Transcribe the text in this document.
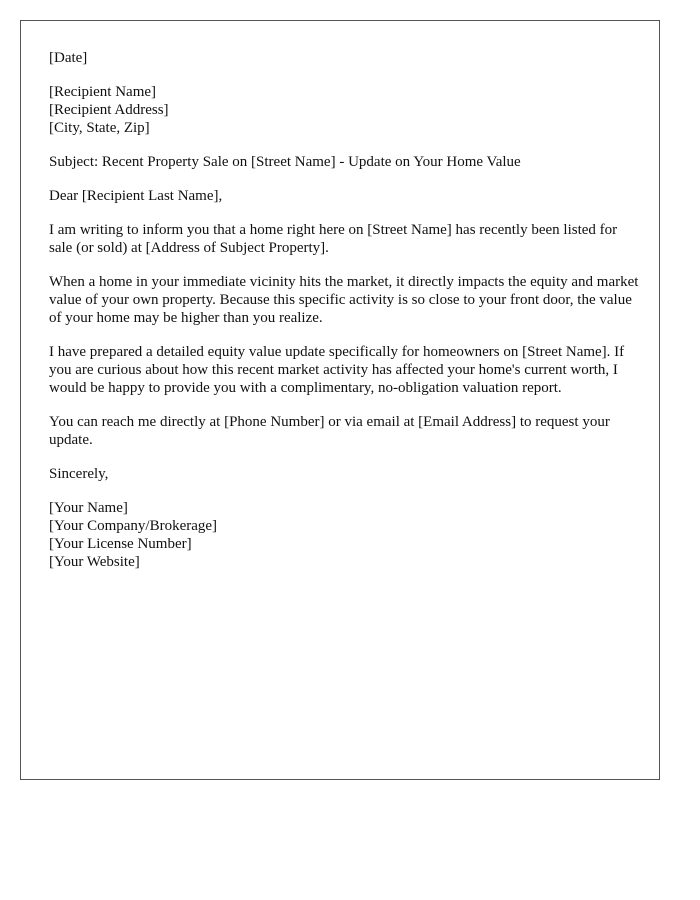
[Date]
[Recipient Name]
[Recipient Address]
[City, State, Zip]
Subject: Recent Property Sale on [Street Name] - Update on Your Home Value
Dear [Recipient Last Name],

I am writing to inform you that a home right here on [Street Name] has recently been listed for sale (or sold) at [Address of Subject Property].

When a home in your immediate vicinity hits the market, it directly impacts the equity and market value of your own property. Because this specific activity is so close to your front door, the value of your home may be higher than you realize.

I have prepared a detailed equity value update specifically for homeowners on [Street Name]. If you are curious about how this recent market activity has affected your home's current worth, I would be happy to provide you with a complimentary, no-obligation valuation report.

You can reach me directly at [Phone Number] or via email at [Email Address] to request your update.

Sincerely,
[Your Name]
[Your Company/Brokerage]
[Your License Number]
[Your Website]
